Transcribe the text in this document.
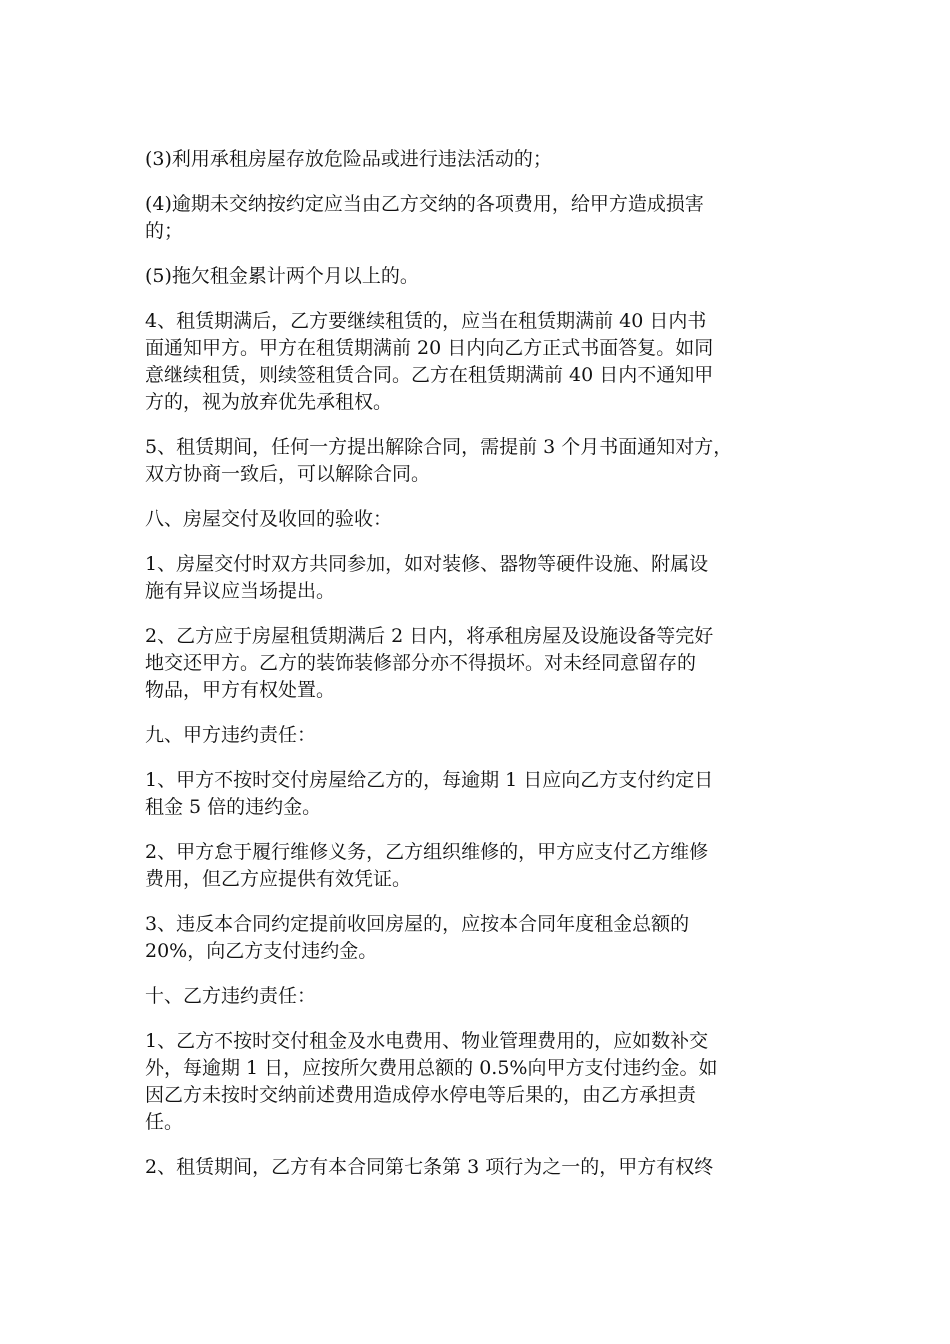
(3)利用承租房屋存放危险品或进行违法活动的；

(4)逾期未交纳按约定应当由乙方交纳的各项费用，给甲方造成损害
的；

(5)拖欠租金累计两个月以上的。

4、租赁期满后，乙方要继续租赁的，应当在租赁期满前 40 日内书
面通知甲方。甲方在租赁期满前 20 日内向乙方正式书面答复。如同
意继续租赁，则续签租赁合同。乙方在租赁期满前 40 日内不通知甲
方的，视为放弃优先承租权。

5、租赁期间，任何一方提出解除合同，需提前 3 个月书面通知对方，
双方协商一致后，可以解除合同。

八、房屋交付及收回的验收：

1、房屋交付时双方共同参加，如对装修、器物等硬件设施、附属设
施有异议应当场提出。

2、乙方应于房屋租赁期满后 2 日内，将承租房屋及设施设备等完好
地交还甲方。乙方的装饰装修部分亦不得损坏。对未经同意留存的
物品，甲方有权处置。

九、甲方违约责任：

1、甲方不按时交付房屋给乙方的，每逾期 1 日应向乙方支付约定日
租金 5 倍的违约金。

2、甲方怠于履行维修义务，乙方组织维修的，甲方应支付乙方维修
费用，但乙方应提供有效凭证。

3、违反本合同约定提前收回房屋的，应按本合同年度租金总额的
20%，向乙方支付违约金。

十、乙方违约责任：

1、乙方不按时交付租金及水电费用、物业管理费用的，应如数补交
外，每逾期 1 日，应按所欠费用总额的 0.5%向甲方支付违约金。如
因乙方未按时交纳前述费用造成停水停电等后果的，由乙方承担责
任。

2、租赁期间，乙方有本合同第七条第 3 项行为之一的，甲方有权终
